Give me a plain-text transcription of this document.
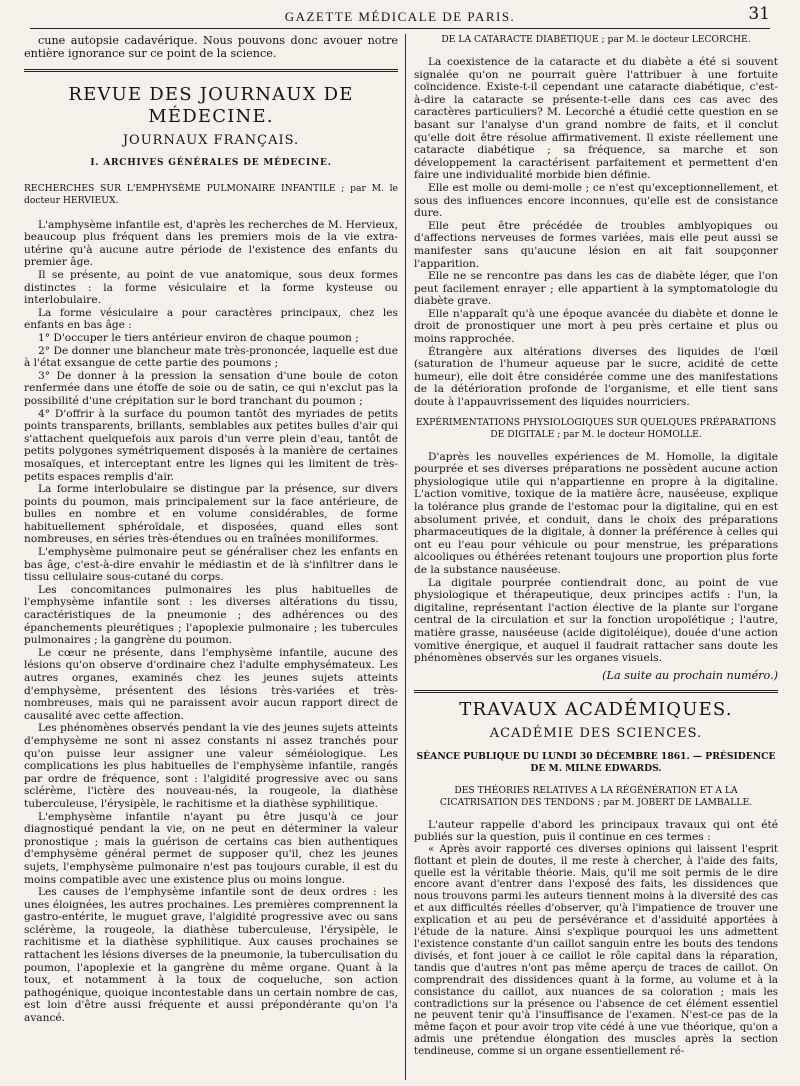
GAZETTE MÉDICALE DE PARIS.	31

cune autopsie cadavérique. Nous pouvons donc avouer notre entière ignorance sur ce point de la science.

REVUE DES JOURNAUX DE MÉDECINE.
JOURNAUX FRANÇAIS.
I. ARCHIVES GÉNÉRALES DE MÉDECINE.
RECHERCHES SUR L'EMPHYSÈME PULMONAIRE INFANTILE ; par M. le docteur HERVIEUX.

L'amphysème infantile est, d'après les recherches de M. Hervieux, beaucoup plus fréquent dans les premiers mois de la vie extra-utérine qu'à aucune autre période de l'existence des enfants du premier âge.

Il se présente, au point de vue anatomique, sous deux formes distinctes : la forme vésiculaire et la forme kysteuse ou interlobulaire.

La forme vésiculaire a pour caractères principaux, chez les enfants en bas âge :

1° D'occuper le tiers antérieur environ de chaque poumon ;

2° De donner une blancheur mate très-prononcée, laquelle est due à l'état exsangue de cette partie des poumons ;

3° De donner à la pression la sensation d'une boule de coton renfermée dans une étoffe de soie ou de satin, ce qui n'exclut pas la possibilité d'une crépitation sur le bord tranchant du poumon ;

4° D'offrir à la surface du poumon tantôt des myriades de petits points transparents, brillants, semblables aux petites bulles d'air qui s'attachent quelquefois aux parois d'un verre plein d'eau, tantôt de petits polygones symétriquement disposés à la manière de certaines mosaïques, et interceptant entre les lignes qui les limitent de très-petits espaces remplis d'air.

La forme interlobulaire se distingue par la présence, sur divers points du poumon, mais principalement sur la face antérieure, de bulles en nombre et en volume considérables, de forme habituellement sphéroïdale, et disposées, quand elles sont nombreuses, en séries très-étendues ou en traînées moniliformes.

L'emphysème pulmonaire peut se généraliser chez les enfants en bas âge, c'est-à-dire envahir le médiastin et de là s'infiltrer dans le tissu cellulaire sous-cutané du corps.

Les concomitances pulmonaires les plus habituelles de l'emphysème infantile sont : les diverses altérations du tissu, caractéristiques de la pneumonie ; des adhérences ou des épanchements pleurétiques ; l'apoplexie pulmonaire ; les tubercules pulmonaires ; la gangrène du poumon.

Le cœur ne présente, dans l'emphysème infantile, aucune des lésions qu'on observe d'ordinaire chez l'adulte emphysémateux. Les autres organes, examinés chez les jeunes sujets atteints d'emphysème, présentent des lésions très-variées et très-nombreuses, mais qui ne paraissent avoir aucun rapport direct de causalité avec cette affection.

Les phénomènes observés pendant la vie des jeunes sujets atteints d'emphysème ne sont ni assez constants ni assez tranchés pour qu'on puisse leur assigner une valeur séméiologique. Les complications les plus habituelles de l'emphysème infantile, rangés par ordre de fréquence, sont : l'algidité progressive avec ou sans sclérème, l'ictère des nouveau-nés, la rougeole, la diathèse tuberculeuse, l'érysipèle, le rachitisme et la diathèse syphilitique.

L'emphysème infantile n'ayant pu être jusqu'à ce jour diagnostiqué pendant la vie, on ne peut en déterminer la valeur pronostique ; mais la guérison de certains cas bien authentiques d'emphysème général permet de supposer qu'il, chez les jeunes sujets, l'emphysème pulmonaire n'est pas toujours curable, il est du moins compatible avec une existence plus ou moins longue.

Les causes de l'emphysème infantile sont de deux ordres : les unes éloignées, les autres prochaines. Les premières comprennent la gastro-entérite, le muguet grave, l'algidité progressive avec ou sans sclérème, la rougeole, la diathèse tuberculeuse, l'érysipèle, le rachitisme et la diathèse syphilitique. Aux causes prochaines se rattachent les lésions diverses de la pneumonie, la tuberculisation du poumon, l'apoplexie et la gangrène du même organe. Quant à la toux, et notamment à la toux de coqueluche, son action pathogénique, quoique incontestable dans un certain nombre de cas, est loin d'être aussi fréquente et aussi prépondérante qu'on l'a avancé.

DE LA CATARACTE DIABÉTIQUE ; par M. le docteur LECORCHÉ.

La coexistence de la cataracte et du diabète a été si souvent signalée qu'on ne pourrait guère l'attribuer à une fortuite coïncidence. Existe-t-il cependant une cataracte diabétique, c'est-à-dire la cataracte se présente-t-elle dans ces cas avec des caractères particuliers? M. Lecorché a étudié cette question en se basant sur l'analyse d'un grand nombre de faits, et il conclut qu'elle doit être résolue affirmativement. Il existe réellement une cataracte diabétique ; sa fréquence, sa marche et son développement la caractérisent parfaitement et permettent d'en faire une individualité morbide bien définie.

Elle est molle ou demi-molle ; ce n'est qu'exceptionnellement, et sous des influences encore inconnues, qu'elle est de consistance dure.

Elle peut être précédée de troubles amblyopiques ou d'affections nerveuses de formes variées, mais elle peut aussi se manifester sans qu'aucune lésion en ait fait soupçonner l'apparition.

Elle ne se rencontre pas dans les cas de diabète léger, que l'on peut facilement enrayer ; elle appartient à la symptomatologie du diabète grave.

Elle n'apparaît qu'à une époque avancée du diabète et donne le droit de pronostiquer une mort à peu près certaine et plus ou moins rapprochée.

Étrangère aux altérations diverses des liquides de l'œil (saturation de l'humeur aqueuse par le sucre, acidité de cette humeur), elle doit être considérée comme une des manifestations de la détérioration profonde de l'organisme, et elle tient sans doute à l'appauvrissement des liquides nourriciers.

EXPÉRIMENTATIONS PHYSIOLOGIQUES SUR QUELQUES PRÉPARATIONS DE DIGITALE ; par M. le docteur HOMOLLE.

D'après les nouvelles expériences de M. Homolle, la digitale pourprée et ses diverses préparations ne possèdent aucune action physiologique utile qui n'appartienne en propre à la digitaline. L'action vomitive, toxique de la matière âcre, nauséeuse, explique la tolérance plus grande de l'estomac pour la digitaline, qui en est absolument privée, et conduit, dans le choix des préparations pharmaceutiques de la digitale, à donner la préférence à celles qui ont eu l'eau pour véhicule ou pour menstrue, les préparations alcooliques ou éthérées retenant toujours une proportion plus forte de la substance nauséeuse.

La digitale pourprée contiendrait donc, au point de vue physiologique et thérapeutique, deux principes actifs : l'un, la digitaline, représentant l'action élective de la plante sur l'organe central de la circulation et sur la fonction uropoïétique ; l'autre, matière grasse, nauséeuse (acide digitoléique), douée d'une action vomitive énergique, et auquel il faudrait rattacher sans doute les phénomènes observés sur les organes visuels.

(La suite au prochain numéro.)

TRAVAUX ACADÉMIQUES.
ACADÉMIE DES SCIENCES.
SÉANCE PUBLIQUE DU LUNDI 30 DÉCEMBRE 1861. — PRÉSIDENCE DE M. MILNE EDWARDS.
DES THÉORIES RELATIVES A LA RÉGÉNÉRATION ET A LA CICATRISATION DES TENDONS ; par M. JOBERT DE LAMBALLE.

L'auteur rappelle d'abord les principaux travaux qui ont été publiés sur la question, puis il continue en ces termes :

« Après avoir rapporté ces diverses opinions qui laissent l'esprit flottant et plein de doutes, il me reste à chercher, à l'aide des faits, quelle est la véritable théorie. Mais, qu'il me soit permis de le dire encore avant d'entrer dans l'exposé des faits, les dissidences que nous trouvons parmi les auteurs tiennent moins à la diversité des cas et aux difficultés réelles d'observer, qu'à l'impatience de trouver une explication et au peu de persévérance et d'assiduité apportées à l'étude de la nature. Ainsi s'explique pourquoi les uns admettent l'existence constante d'un caillot sanguin entre les bouts des tendons divisés, et font jouer à ce caillot le rôle capital dans la réparation, tandis que d'autres n'ont pas même aperçu de traces de caillot. On comprendrait des dissidences quant à la forme, au volume et à la consistance du caillot, aux nuances de sa coloration ; mais les contradictions sur la présence ou l'absence de cet élément essentiel ne peuvent tenir qu'à l'insuffisance de l'examen. N'est-ce pas de la même façon et pour avoir trop vite cédé à une vue théorique, qu'on a admis une prétendue élongation des muscles après la section tendineuse, comme si un organe essentiellement ré-
